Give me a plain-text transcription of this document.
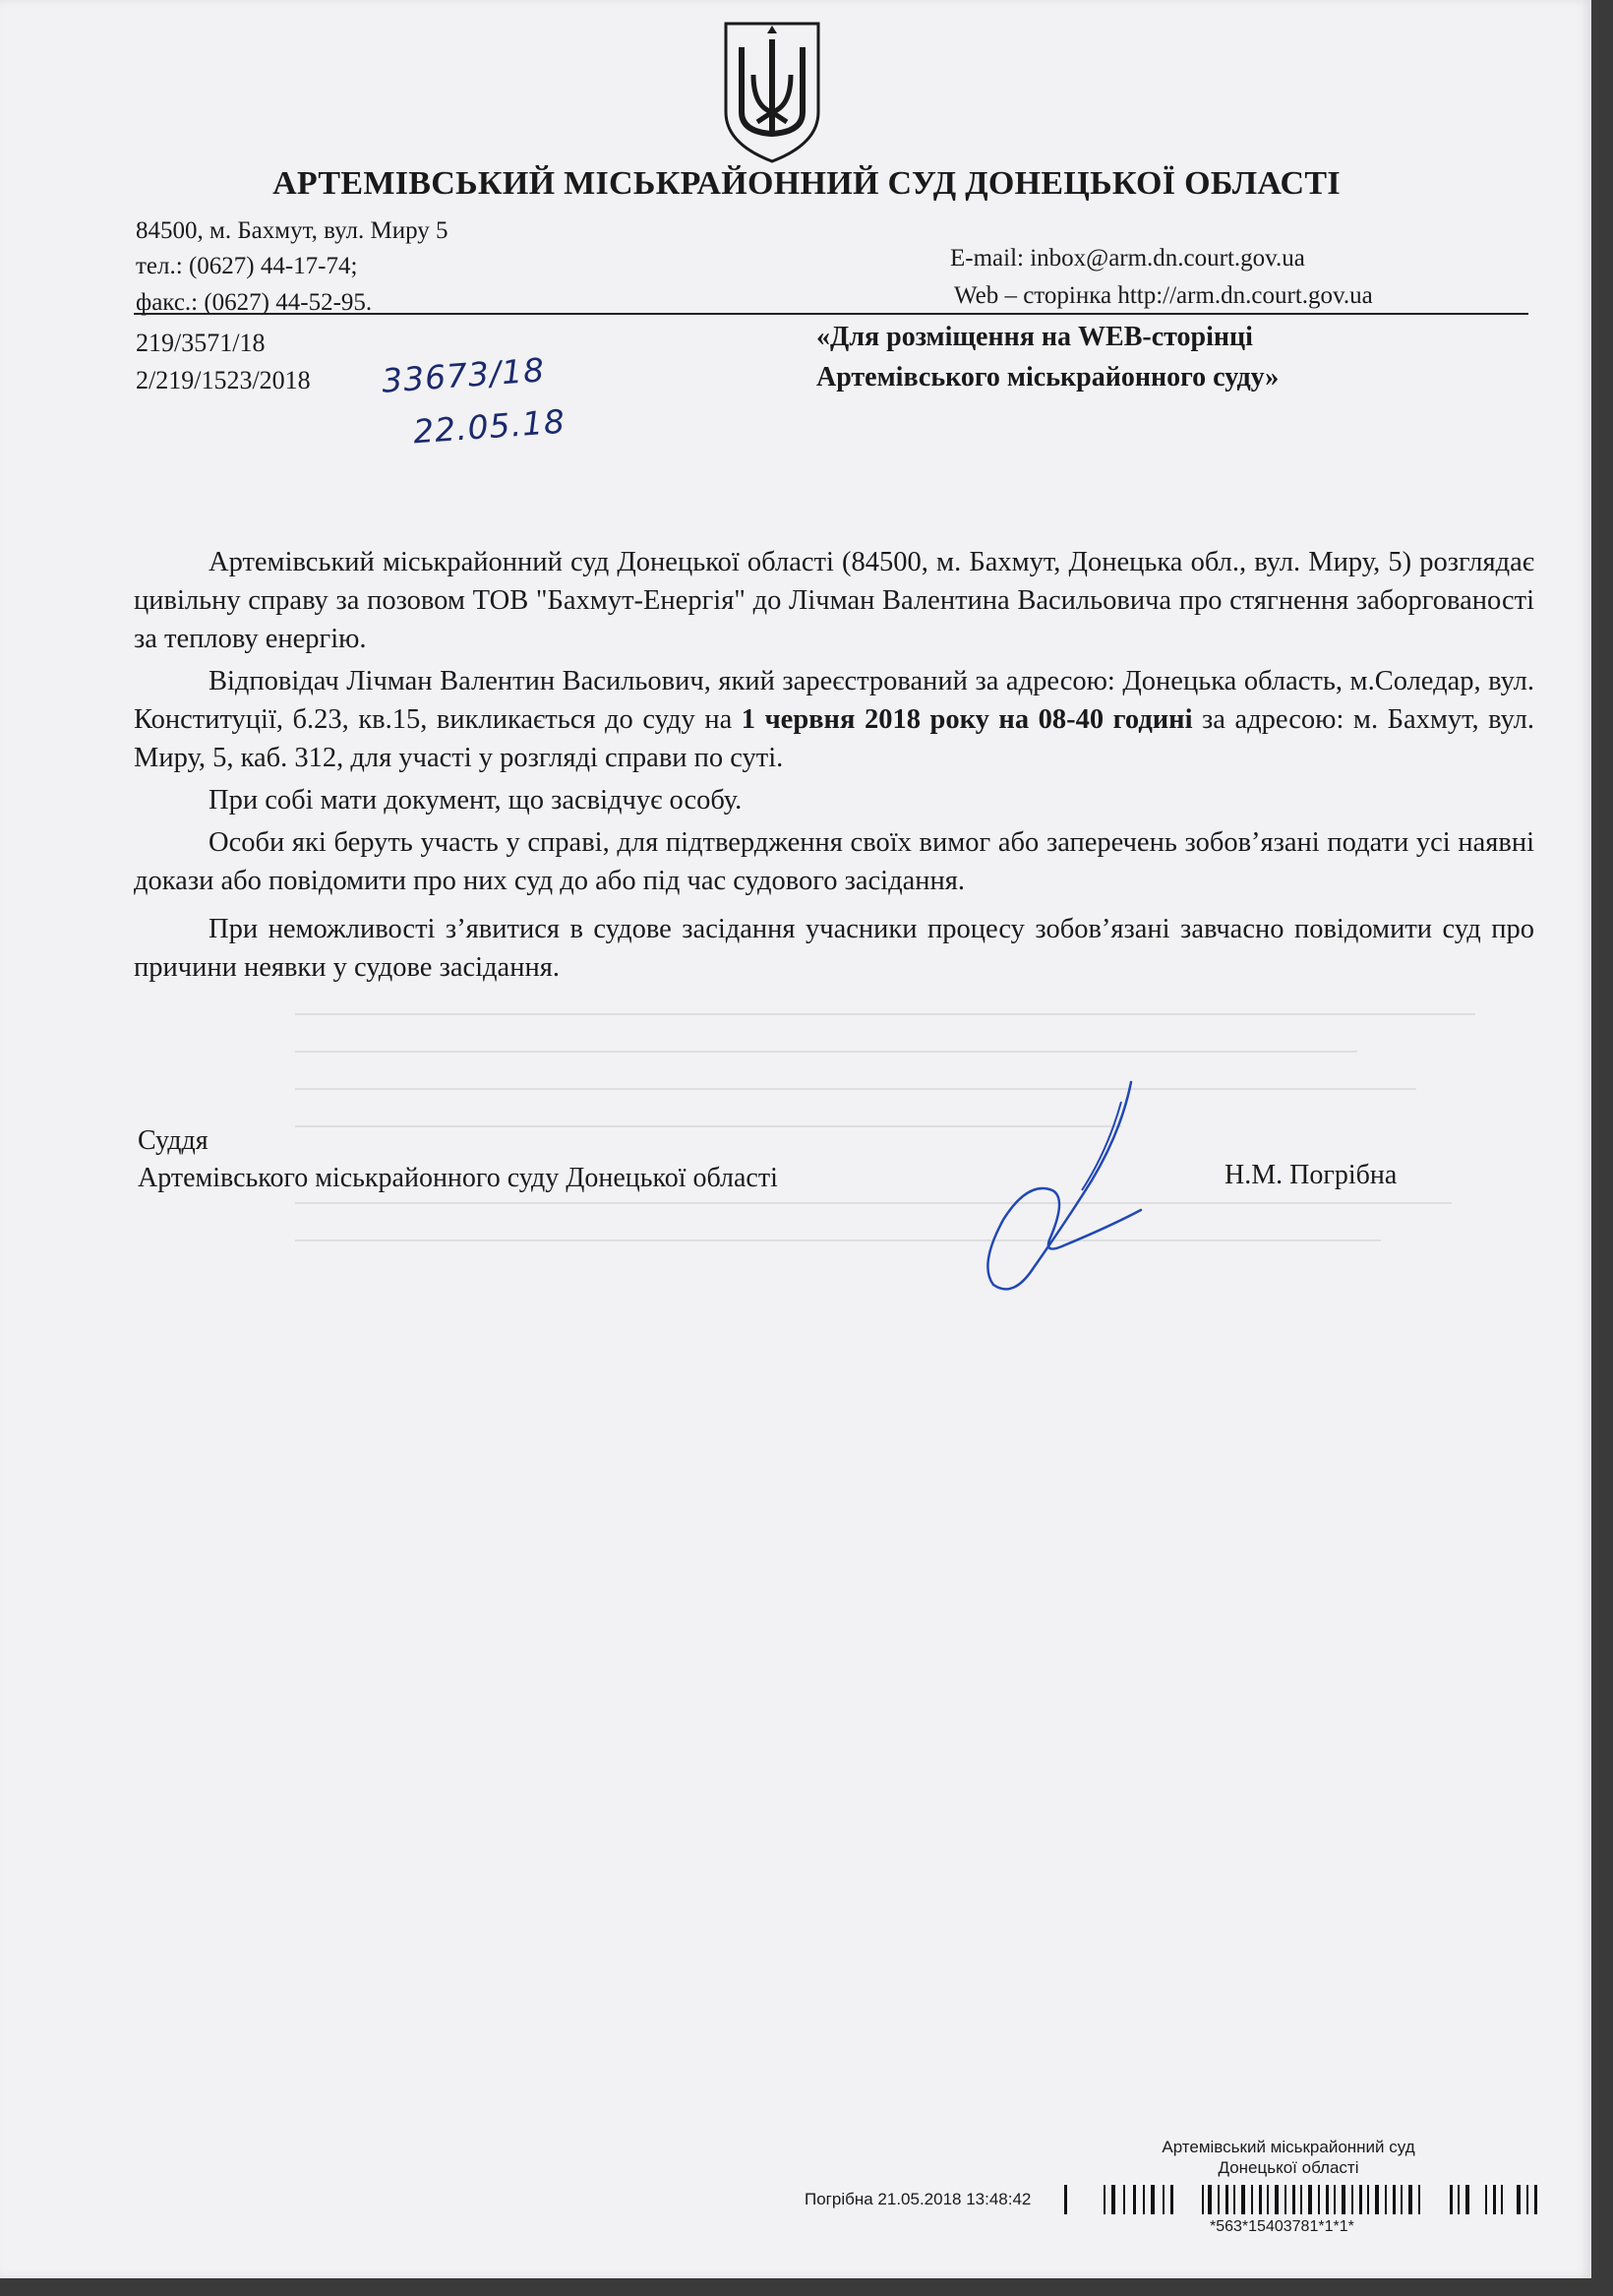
АРТЕМІВСЬКИЙ МІСЬКРАЙОННИЙ СУД ДОНЕЦЬКОЇ ОБЛАСТІ
84500, м. Бахмут, вул. Миру 5
тел.: (0627) 44-17-74;
факс.: (0627) 44-52-95.
E-mail: inbox@arm.dn.court.gov.ua
Web – сторінка http://arm.dn.court.gov.ua
219/3571/18
2/219/1523/2018 33673/18
22.05.18
«Для розміщення на WEB-сторінці
Артемівського міськрайонного суду»

Артемівський міськрайонний суд Донецької області (84500, м. Бахмут, Донецька обл., вул. Миру, 5) розглядає цивільну справу за позовом ТОВ "Бахмут-Енергія" до Лічман Валентина Васильовича про стягнення заборгованості за теплову енергію.

Відповідач Лічман Валентин Васильович, який зареєстрований за адресою: Донецька область, м.Соледар, вул. Конституції, б.23, кв.15, викликається до суду на 1 червня 2018 року на 08-40 годині за адресою: м. Бахмут, вул. Миру, 5, каб. 312, для участі у розгляді справи по суті.

При собі мати документ, що засвідчує особу.

Особи які беруть участь у справі, для підтвердження своїх вимог або заперечень зобов’язані подати усі наявні докази або повідомити про них суд до або під час судового засідання.

При неможливості з’явитися в судове засідання учасники процесу зобов’язані завчасно повідомити суд про причини неявки у судове засідання.

Суддя
Артемівського міськрайонного суду Донецької області	Н.М. Погрібна
Артемівський міськрайонний суд
Донецької області
Погрібна 21.05.2018 13:48:42
*563*15403781*1*1*
